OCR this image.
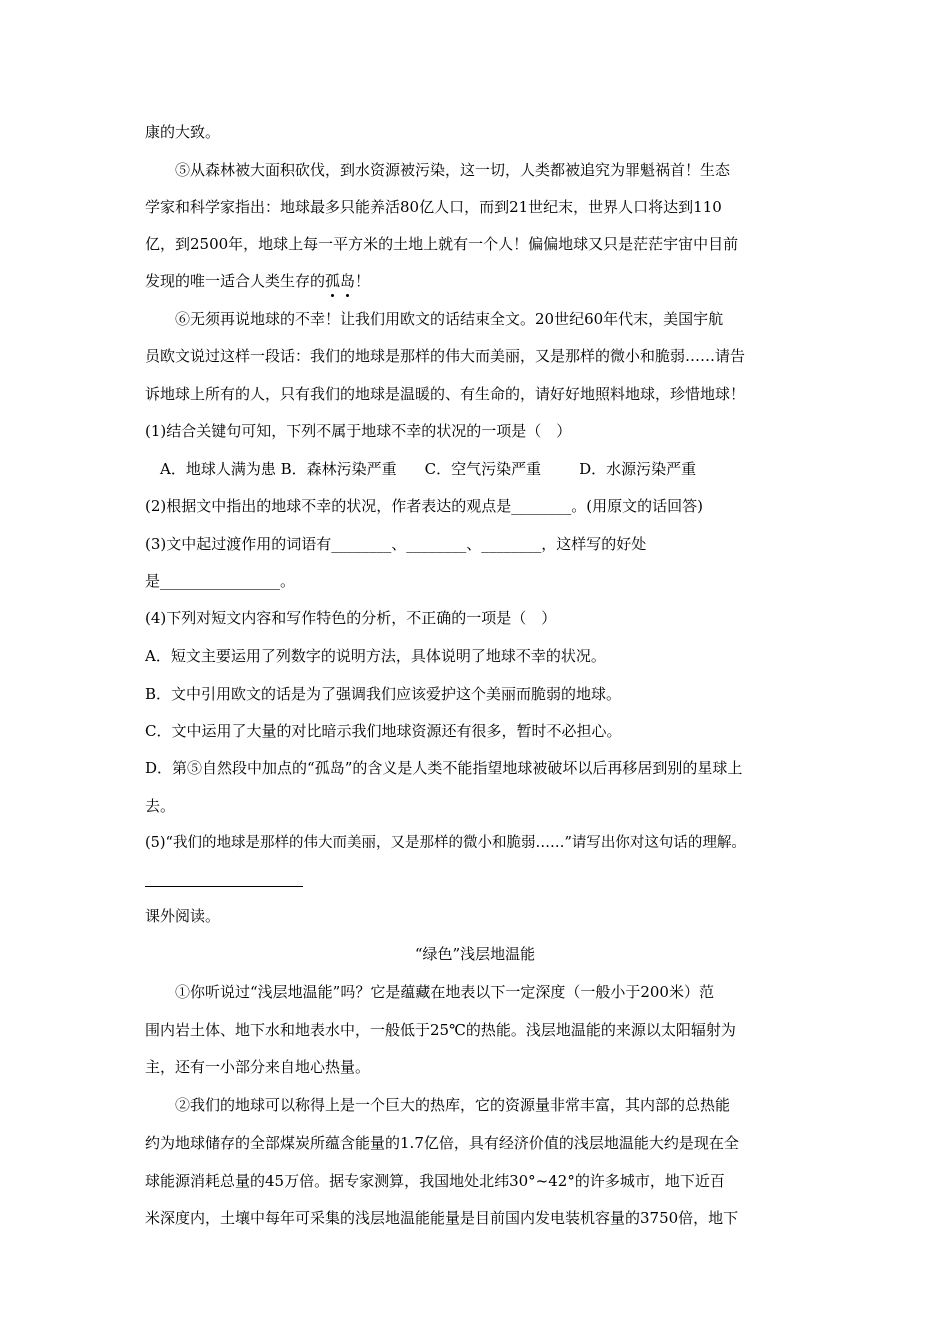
康的大致。
⑤从森林被大面积砍伐，到水资源被污染，这一切，人类都被追究为罪魁祸首！生态
学家和科学家指出：地球最多只能养活80亿人口，而到21世纪末，世界人口将达到110
亿，到2500年，地球上每一平方米的土地上就有一个人！偏偏地球又只是茫茫宇宙中目前
发现的唯一适合人类生存的孤岛！
⑥无须再说地球的不幸！让我们用欧文的话结束全文。20世纪60年代末，美国宇航
员欧文说过这样一段话：我们的地球是那样的伟大而美丽，又是那样的微小和脆弱……请告
诉地球上所有的人，只有我们的地球是温暖的、有生命的，请好好地照料地球，珍惜地球！
(1)结合关键句可知，下列不属于地球不幸的状况的一项是（　）
A．地球人满为患 B．森林污染严重 C．空气污染严重	D．水源污染严重
(2)根据文中指出的地球不幸的状况，作者表达的观点是________。(用原文的话回答)
(3)文中起过渡作用的词语有________、________、________，这样写的好处
是________________。
(4)下列对短文内容和写作特色的分析，不正确的一项是（　）
A．短文主要运用了列数字的说明方法，具体说明了地球不幸的状况。
B．文中引用欧文的话是为了强调我们应该爱护这个美丽而脆弱的地球。
C．文中运用了大量的对比暗示我们地球资源还有很多，暂时不必担心。
D．第⑤自然段中加点的“孤岛”的含义是人类不能指望地球被破坏以后再移居到别的星球上
去。
(5)“我们的地球是那样的伟大而美丽，又是那样的微小和脆弱……”请写出你对这句话的理解。
课外阅读。
“绿色”浅层地温能
①你听说过“浅层地温能”吗？它是蕴藏在地表以下一定深度（一般小于200米）范
围内岩土体、地下水和地表水中，一般低于25℃的热能。浅层地温能的来源以太阳辐射为
主，还有一小部分来自地心热量。
②我们的地球可以称得上是一个巨大的热库，它的资源量非常丰富，其内部的总热能
约为地球储存的全部煤炭所蕴含能量的1.7亿倍，具有经济价值的浅层地温能大约是现在全
球能源消耗总量的45万倍。据专家测算，我国地处北纬30°~42°的许多城市，地下近百
米深度内，土壤中每年可采集的浅层地温能能量是目前国内发电装机容量的3750倍，地下
